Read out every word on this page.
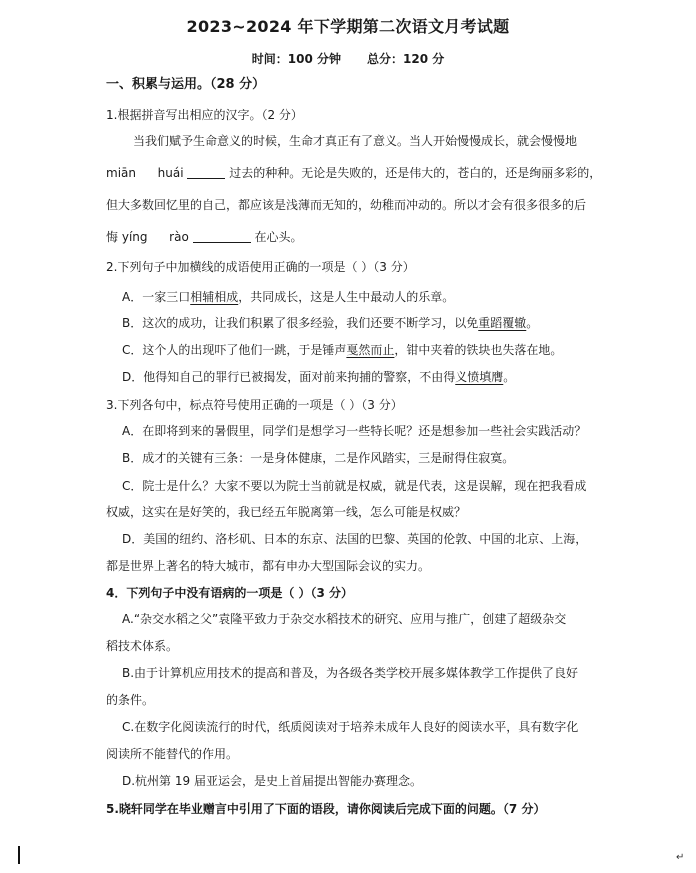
2023~2024 年下学期第二次语文月考试题
时间：100 分钟 总分：120 分
一、积累与运用。（28 分）
1.根据拼音写出相应的汉字。（2 分）
当我们赋予生命意义的时候，生命才真正有了意义。当人开始慢慢成长，就会慢慢地
miān huái	过去的种种。无论是失败的，还是伟大的，苍白的，还是绚丽多彩的，
但大多数回忆里的自己，都应该是浅薄而无知的，幼稚而冲动的。所以才会有很多很多的后
悔 yíng rào	在心头。
2.下列句子中加横线的成语使用正确的一项是（ ）（3 分）
A．一家三口相辅相成，共同成长，这是人生中最动人的乐章。
B．这次的成功，让我们积累了很多经验，我们还要不断学习，以免重蹈覆辙。
C．这个人的出现吓了他们一跳，于是锤声戛然而止，钳中夹着的铁块也失落在地。
D．他得知自己的罪行已被揭发，面对前来拘捕的警察，不由得义愤填膺。
3.下列各句中，标点符号使用正确的一项是（ ）（3 分）
A．在即将到来的暑假里，同学们是想学习一些特长呢？还是想参加一些社会实践活动？
B．成才的关键有三条：一是身体健康，二是作风踏实，三是耐得住寂寞。
C．院士是什么？大家不要以为院士当前就是权威，就是代表，这是误解，现在把我看成
权威，这实在是好笑的，我已经五年脱离第一线，怎么可能是权威？
D．美国的纽约、洛杉矶、日本的东京、法国的巴黎、英国的伦敦、中国的北京、上海，
都是世界上著名的特大城市，都有申办大型国际会议的实力。
4．下列句子中没有语病的一项是（ ）（3 分）
A.“杂交水稻之父”袁隆平致力于杂交水稻技术的研究、应用与推广，创建了超级杂交
稻技术体系。
B.由于计算机应用技术的提高和普及，为各级各类学校开展多媒体教学工作提供了良好
的条件。
C.在数字化阅读流行的时代，纸质阅读对于培养未成年人良好的阅读水平，具有数字化
阅读所不能替代的作用。
D.杭州第 19 届亚运会，是史上首届提出智能办赛理念。
5.晓轩同学在毕业赠言中引用了下面的语段，请你阅读后完成下面的问题。（7 分）
↵
